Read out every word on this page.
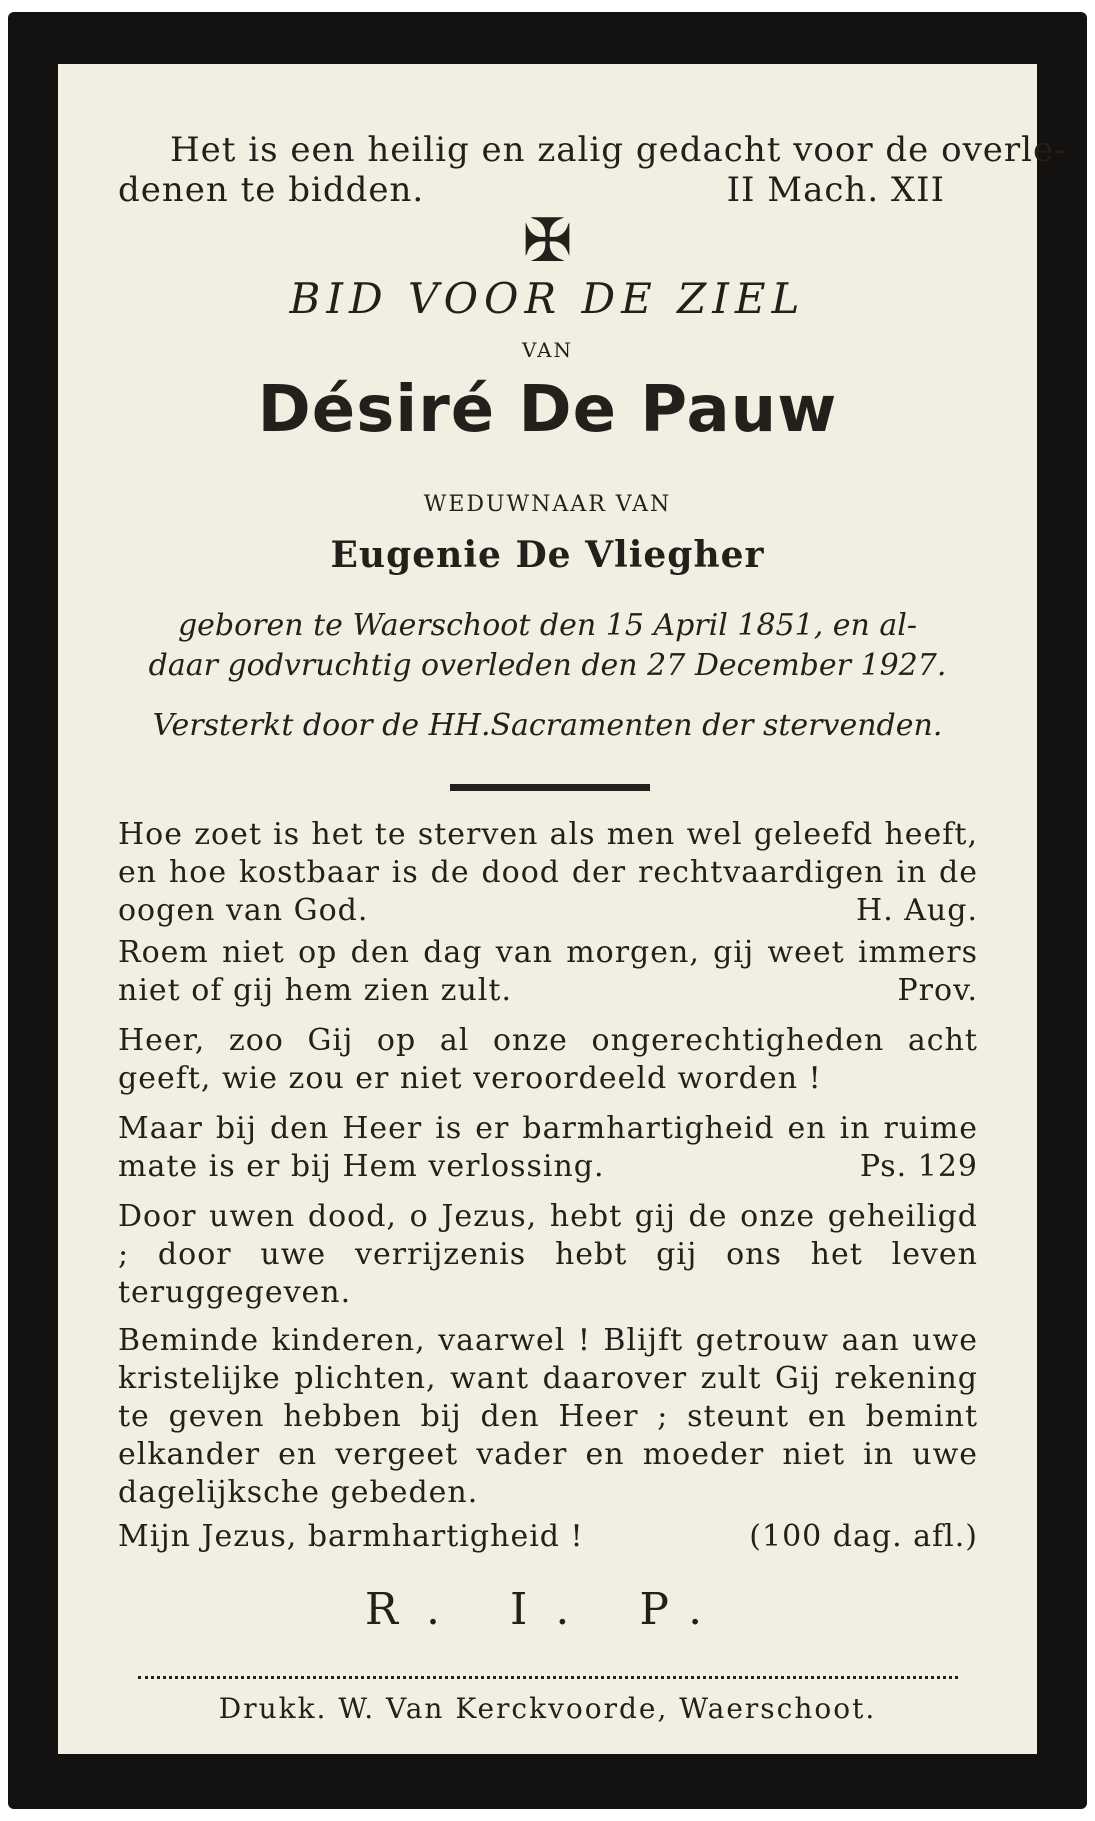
Het is een heilig en zalig gedacht voor de overle-
denen te bidden.	II Mach. XII
✠

BID VOOR DE ZIEL

VAN

Désiré De Pauw

WEDUWNAAR VAN

Eugenie De Vliegher

geboren te Waerschoot den 15 April 1851, en al-
daar godvruchtig overleden den 27 December 1927.

Versterkt door de HH.Sacramenten der stervenden.

Hoe zoet is het te sterven als men wel geleefd heeft, en hoe kostbaar is de dood der rechtvaardigen in de oogen van God.	H. Aug.
Roem niet op den dag van morgen, gij weet immers niet of gij hem zien zult.	Prov.
Heer, zoo Gij op al onze ongerechtigheden acht geeft, wie zou er niet veroordeeld worden !
Maar bij den Heer is er barmhartigheid en in ruime mate is er bij Hem verlossing.	Ps. 129
Door uwen dood, o Jezus, hebt gij de onze geheiligd ; door uwe verrijzenis hebt gij ons het leven teruggegeven.
Beminde kinderen, vaarwel ! Blijft getrouw aan uwe kristelijke plichten, want daarover zult Gij rekening te geven hebben bij den Heer ; steunt en bemint elkander en vergeet vader en moeder niet in uwe dagelijksche gebeden.
Mijn Jezus, barmhartigheid !	(100 dag. afl.)

R. I. P.

Drukk. W. Van Kerckvoorde, Waerschoot.
